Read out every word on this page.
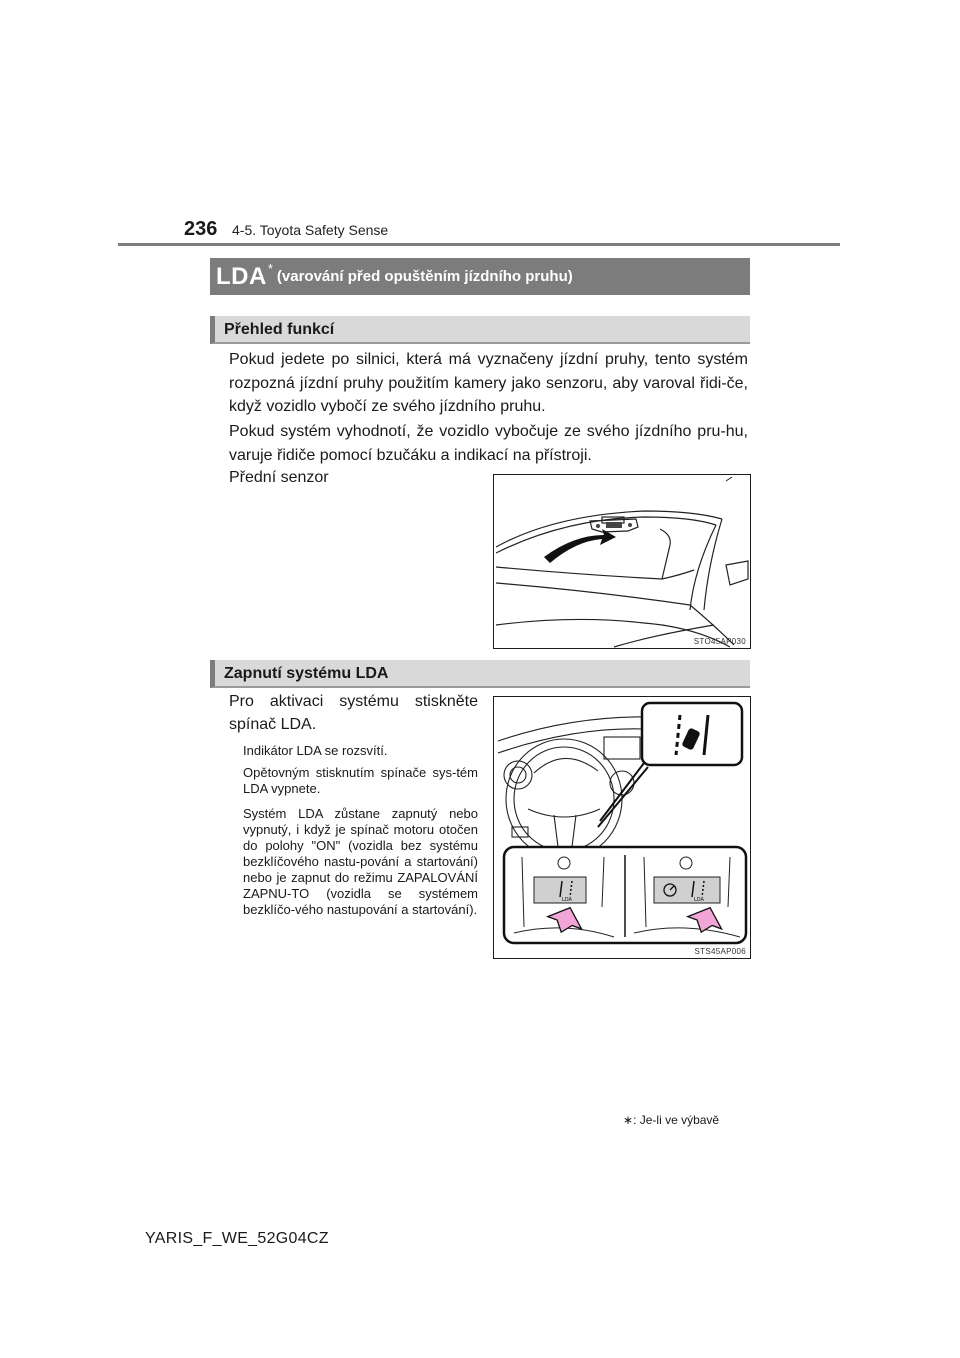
236 4-5. Toyota Safety Sense
LDA * (varování před opuštěním jízdního pruhu)
Přehled funkcí
Pokud jedete po silnici, která má vyznačeny jízdní pruhy, tento systém rozpozná jízdní pruhy použitím kamery jako senzoru, aby varoval řidi-če, když vozidlo vybočí ze svého jízdního pruhu.
Pokud systém vyhodnotí, že vozidlo vybočuje ze svého jízdního pru-hu, varuje řidiče pomocí bzučáku a indikací na přístroji.
Přední senzor
STO45AP030
Zapnutí systému LDA
Pro aktivaci systému stiskněte spínač LDA.
Indikátor LDA se rozsvítí.
Opětovným stisknutím spínače sys-tém LDA vypnete.
Systém LDA zůstane zapnutý nebo vypnutý, i když je spínač motoru otočen do polohy "ON" (vozidla bez systému bezklíčového nastu-pování a startování) nebo je zapnut do režimu ZAPALOVÁNÍ ZAPNU-TO (vozidla se systémem bezklíčo-vého nastupování a startování).
LDA	LDA
STS45AP006
∗: Je-li ve výbavě
YARIS_F_WE_52G04CZ
